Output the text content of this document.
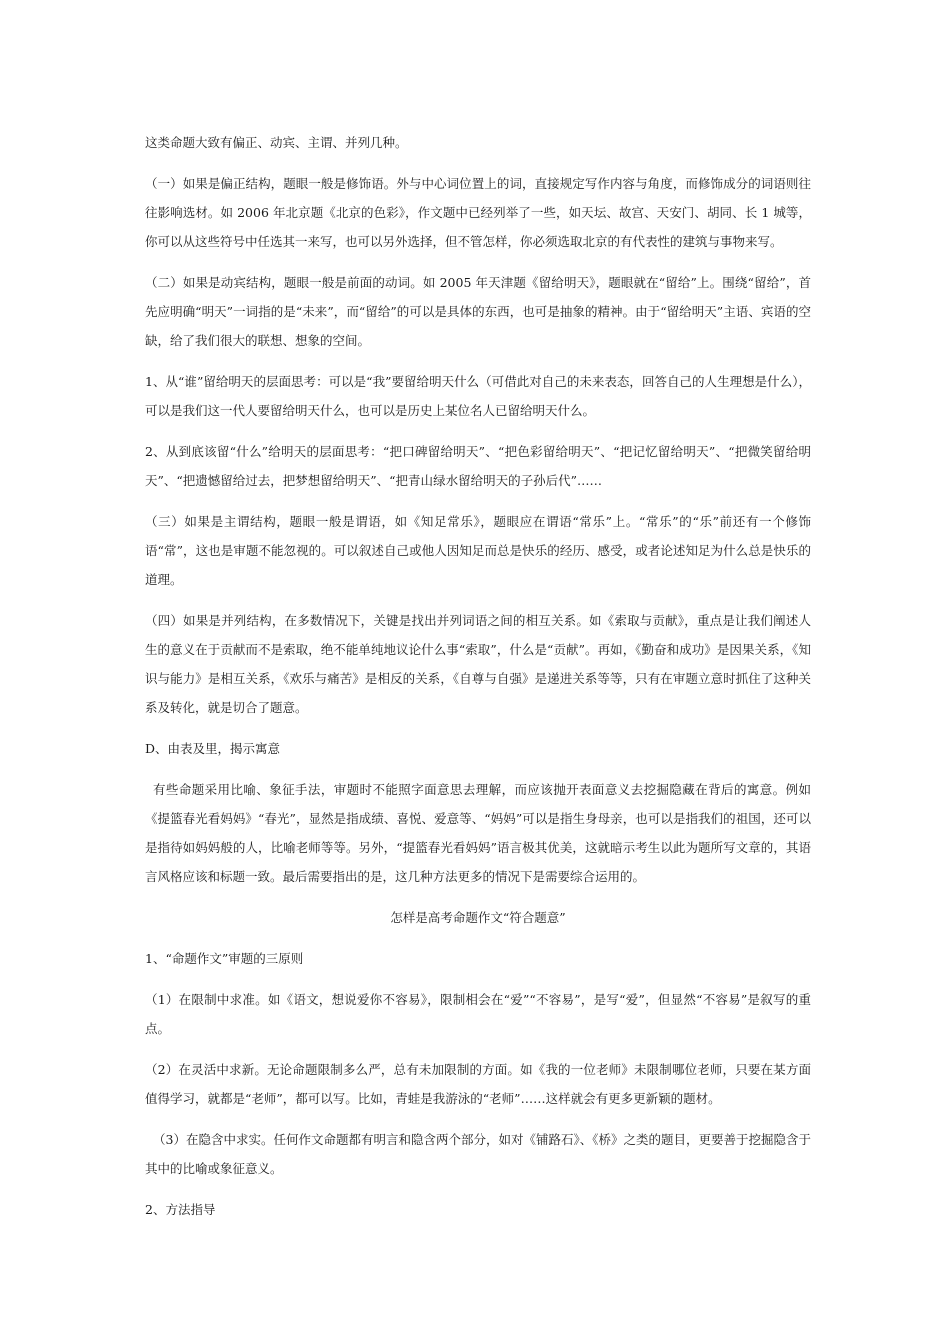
这类命题大致有偏正、动宾、主谓、并列几种。

（一）如果是偏正结构，题眼一般是修饰语。外与中心词位置上的词，直接规定写作内容与角度，而修饰成分的词语则往往影响选材。如 2006 年北京题《北京的色彩》，作文题中已经列举了一些，如天坛、故宫、天安门、胡同、长 1 城等，你可以从这些符号中任选其一来写，也可以另外选择，但不管怎样，你必须选取北京的有代表性的建筑与事物来写。

（二）如果是动宾结构，题眼一般是前面的动词。如 2005 年天津题《留给明天》，题眼就在“留给”上。围绕“留给”，首先应明确“明天”一词指的是“未来”，而“留给”的可以是具体的东西，也可是抽象的精神。由于“留给明天”主语、宾语的空缺，给了我们很大的联想、想象的空间。

1、从“谁”留给明天的层面思考：可以是“我”要留给明天什么（可借此对自己的未来表态，回答自己的人生理想是什么），可以是我们这一代人要留给明天什么，也可以是历史上某位名人已留给明天什么。

2、从到底该留“什么”给明天的层面思考：“把口碑留给明天”、“把色彩留给明天”、“把记忆留给明天”、“把微笑留给明天”、“把遗憾留给过去，把梦想留给明天”、“把青山绿水留给明天的子孙后代”……

（三）如果是主谓结构，题眼一般是谓语，如《知足常乐》，题眼应在谓语“常乐”上。“常乐”的“乐”前还有一个修饰语“常”，这也是审题不能忽视的。可以叙述自己或他人因知足而总是快乐的经历、感受，或者论述知足为什么总是快乐的道理。

（四）如果是并列结构，在多数情况下，关键是找出并列词语之间的相互关系。如《索取与贡献》，重点是让我们阐述人生的意义在于贡献而不是索取，绝不能单纯地议论什么事“索取”，什么是“贡献”。再如，《勤奋和成功》是因果关系，《知识与能力》是相互关系，《欢乐与痛苦》是相反的关系，《自尊与自强》是递进关系等等，只有在审题立意时抓住了这种关系及转化，就是切合了题意。

D、由表及里，揭示寓意

有些命题采用比喻、象征手法，审题时不能照字面意思去理解，而应该抛开表面意义去挖掘隐藏在背后的寓意。例如《提篮春光看妈妈》“春光”，显然是指成绩、喜悦、爱意等、“妈妈”可以是指生身母亲，也可以是指我们的祖国，还可以是指待如妈妈般的人，比喻老师等等。另外，“提篮春光看妈妈”语言极其优美，这就暗示考生以此为题所写文章的，其语言风格应该和标题一致。最后需要指出的是，这几种方法更多的情况下是需要综合运用的。

怎样是高考命题作文“符合题意”

1、“命题作文”审题的三原则

（1）在限制中求准。如《语文，想说爱你不容易》，限制相会在“爱”“不容易”，是写“爱”，但显然“不容易”是叙写的重点。

（2）在灵活中求新。无论命题限制多么严，总有未加限制的方面。如《我的一位老师》未限制哪位老师，只要在某方面值得学习，就都是“老师”，都可以写。比如，青蛙是我游泳的“老师”……这样就会有更多更新颖的题材。

（3）在隐含中求实。任何作文命题都有明言和隐含两个部分，如对《铺路石》、《桥》之类的题目，更要善于挖掘隐含于其中的比喻或象征意义。

2、方法指导
